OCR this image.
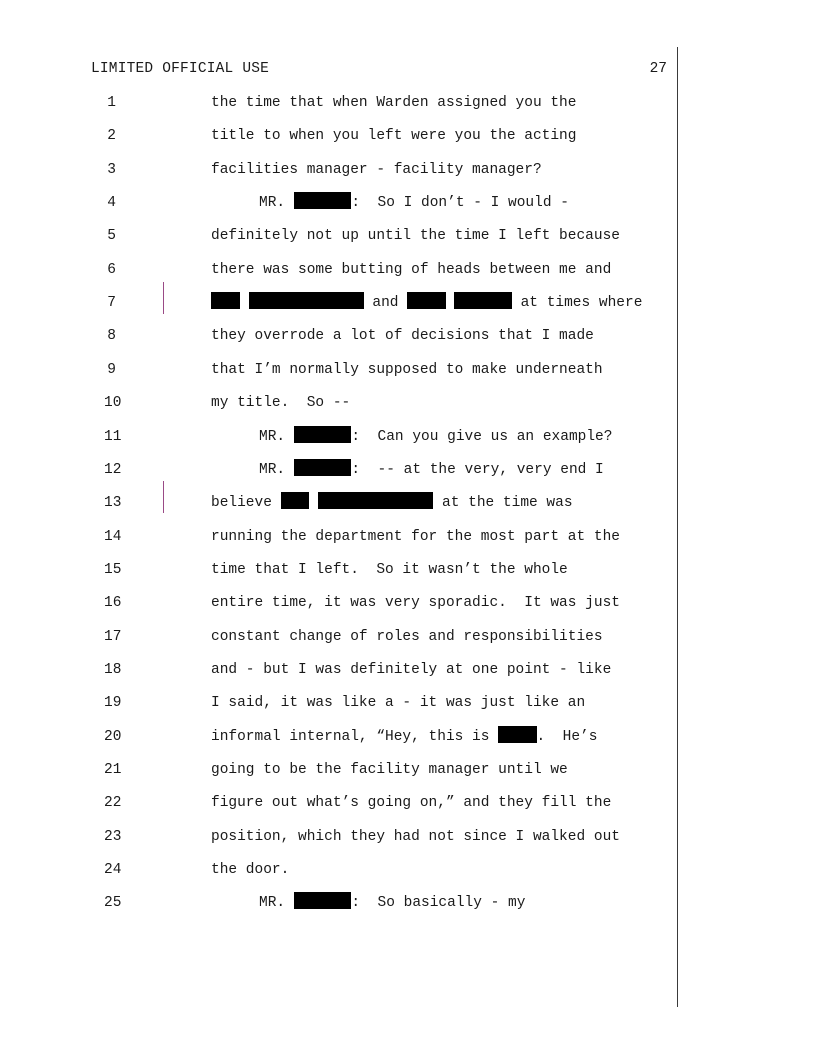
LIMITED OFFICIAL USE	27
1	the time that when Warden assigned you the
2	title to when you left were you the acting
3	facilities manager - facility manager?
4	MR.	:  So I don’t - I would -
5	definitely not up until the time I left because
6	there was some butting of heads between me and
7	and	at times where
8	they overrode a lot of decisions that I made
9	that I’m normally supposed to make underneath
10	my title.  So --
11	MR.	:  Can you give us an example?
12	MR.	:  -- at the very, very end I
13	believe	at the time was
14	running the department for the most part at the
15	time that I left.  So it wasn’t the whole
16	entire time, it was very sporadic.  It was just
17	constant change of roles and responsibilities
18	and - but I was definitely at one point - like
19	I said, it was like a - it was just like an
20	informal internal, “Hey, this is	.  He’s
21	going to be the facility manager until we
22	figure out what’s going on,” and they fill the
23	position, which they had not since I walked out
24	the door.
25	MR.	:  So basically - my
